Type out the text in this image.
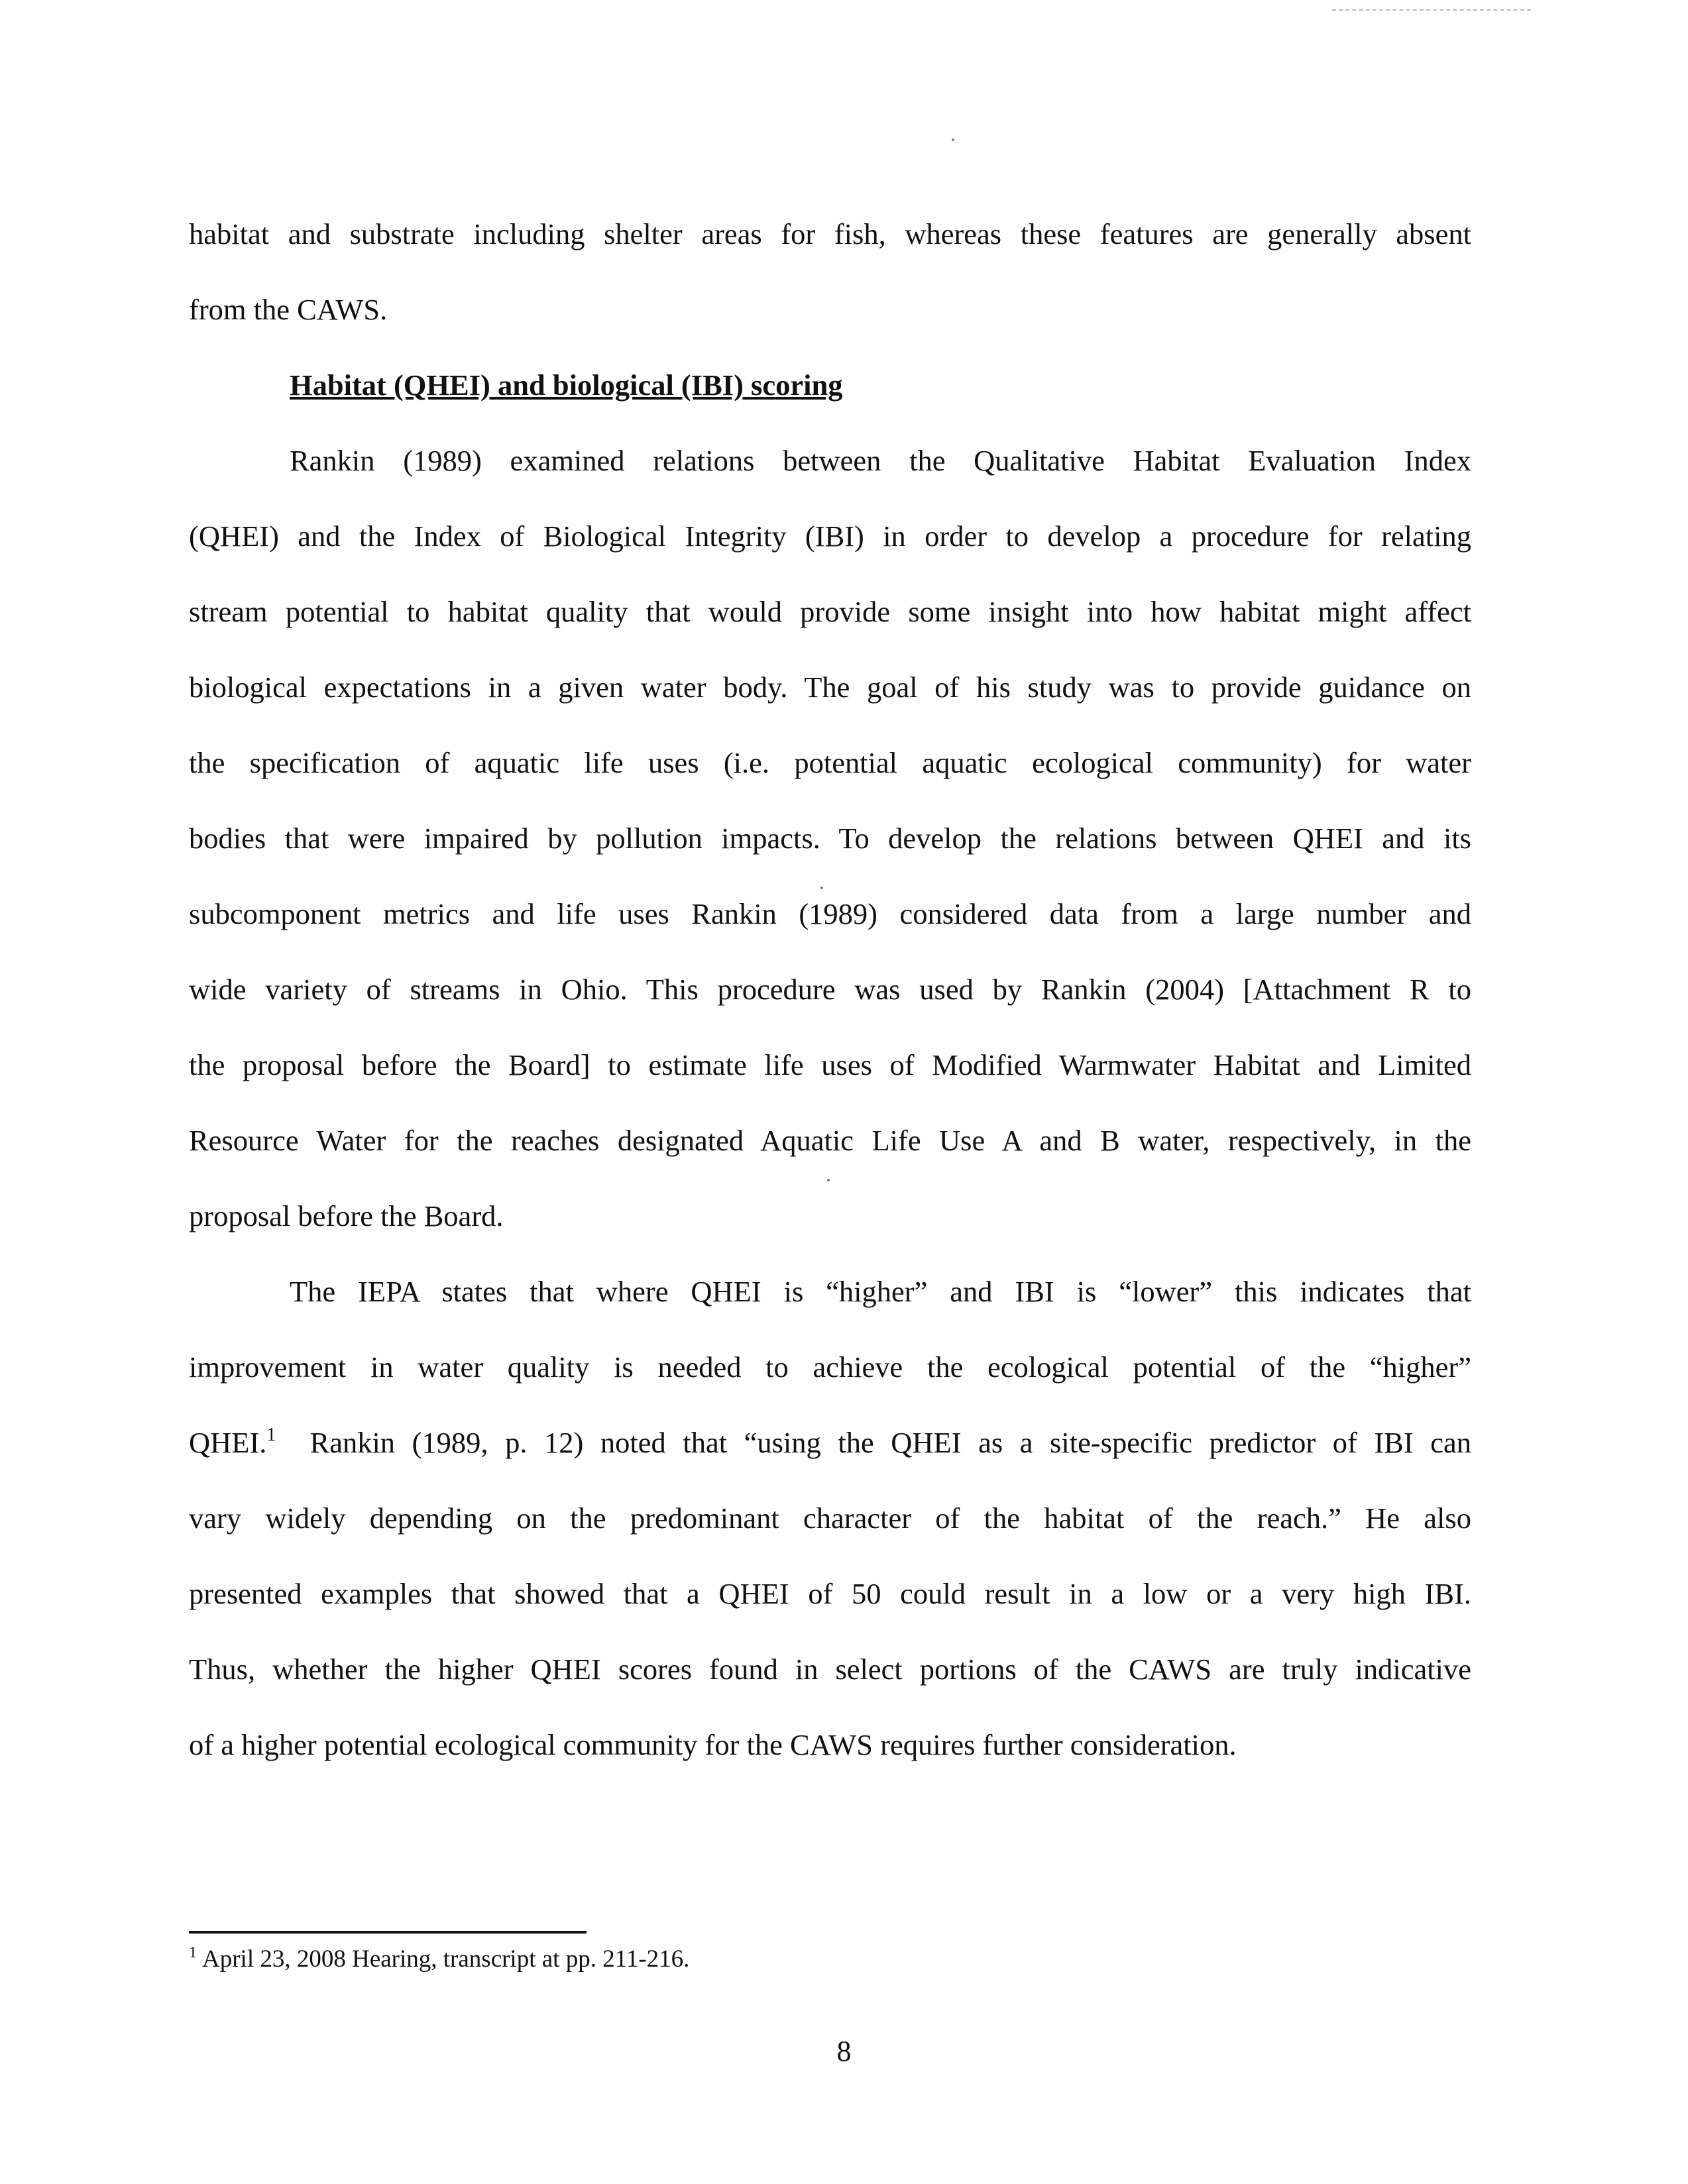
habitat and substrate including shelter areas for fish, whereas these features are generally absent
from the CAWS.
Habitat (QHEI) and biological (IBI) scoring
Rankin (1989) examined relations between the Qualitative Habitat Evaluation Index
(QHEI) and the Index of Biological Integrity (IBI) in order to develop a procedure for relating
stream potential to habitat quality that would provide some insight into how habitat might affect
biological expectations in a given water body. The goal of his study was to provide guidance on
the specification of aquatic life uses (i.e. potential aquatic ecological community) for water
bodies that were impaired by pollution impacts. To develop the relations between QHEI and its
subcomponent metrics and life uses Rankin (1989) considered data from a large number and
wide variety of streams in Ohio. This procedure was used by Rankin (2004) [Attachment R to
the proposal before the Board] to estimate life uses of Modified Warmwater Habitat and Limited
Resource Water for the reaches designated Aquatic Life Use A and B water, respectively, in the
proposal before the Board.
The IEPA states that where QHEI is “higher” and IBI is “lower” this indicates that
improvement in water quality is needed to achieve the ecological potential of the “higher”
QHEI.$^1$  Rankin (1989, p. 12) noted that “using the QHEI as a site-specific predictor of IBI can
vary widely depending on the predominant character of the habitat of the reach.” He also
presented examples that showed that a QHEI of 50 could result in a low or a very high IBI.
Thus, whether the higher QHEI scores found in select portions of the CAWS are truly indicative
of a higher potential ecological community for the CAWS requires further consideration.
$^1$ April 23, 2008 Hearing, transcript at pp. 211-216.
8
